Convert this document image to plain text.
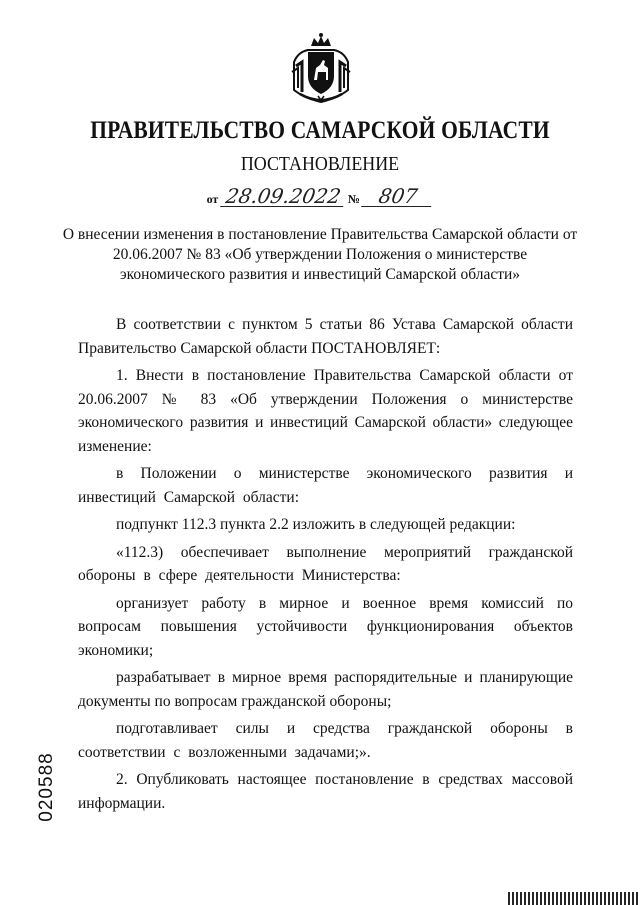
ПРАВИТЕЛЬСТВО САМАРСКОЙ ОБЛАСТИ
ПОСТАНОВЛЕНИЕ
от 28.09.2022 № 807
О внесении изменения в постановление Правительства Самарской области от 20.06.2007 № 83 «Об утверждении Положения о министерстве экономического развития и инвестиций Самарской области»

В соответствии с пунктом 5 статьи 86 Устава Самарской области Правительство Самарской области ПОСТАНОВЛЯЕТ:

1. Внести в постановление Правительства Самарской области от 20.06.2007 № 83 «Об утверждении Положения о министерстве экономического развития и инвестиций Самарской области» следующее изменение:

в Положении о министерстве экономического развития и инвестиций Самарской области:

подпункт 112.3 пункта 2.2 изложить в следующей редакции:

«112.3) обеспечивает выполнение мероприятий гражданской обороны в сфере деятельности Министерства:

организует работу в мирное и военное время комиссий по вопросам повышения устойчивости функционирования объектов экономики;

разрабатывает в мирное время распорядительные и планирующие документы по вопросам гражданской обороны;

подготавливает силы и средства гражданской обороны в соответствии с возложенными задачами;».

2. Опубликовать настоящее постановление в средствах массовой информации.

020588
